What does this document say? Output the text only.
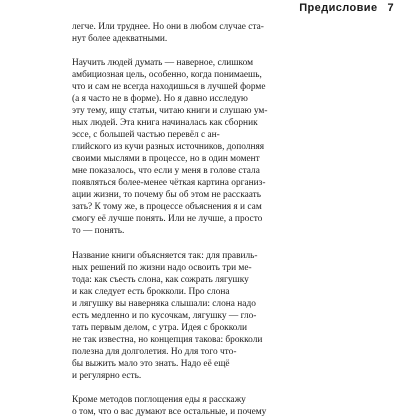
Предисловие 7
легче. Или труднее. Но они в любом случае ста-
нут более адекватными.
Научить людей думать — наверное, слишком
амбициозная цель, особенно, когда понимаешь,
что и сам не всегда находишься в лучшей форме
(а я часто не в форме). Но я давно исследую
эту тему, ищу статьи, читаю книги и слушаю ум-
ных людей. Эта книга начиналась как сборник
эссе, с большей частью перевёл с ан-
глийского из кучи разных источников, дополняя
своими мыслями в процессе, но в один момент
мне показалось, что если у меня в голове стала
появляться более-менее чёткая картина организ-
ации жизни, то почему бы об этом не расскаать
зать? К тому же, в процессе объяснения я и сам
смогу её лучше понять. Или не лучше, а просто
то — понять.
Название книги объясняется так: для правиль-
ных решений по жизни надо освоить три ме-
тода: как съесть слона, как сожрать лягушку
и как следует есть брокколи. Про слона
и лягушку вы наверняка слышали: слона надо
есть медленно и по кусочкам, лягушку — гло-
тать первым делом, с утра. Идея с брокколи
не так известна, но концепция такова: брокколи
полезна для долголетия. Но для того что-
бы выжить мало это знать. Надо её ещё
и регулярно есть.
Кроме методов поглощения еды я расскажу
о том, что о вас думают все остальные, и почему
